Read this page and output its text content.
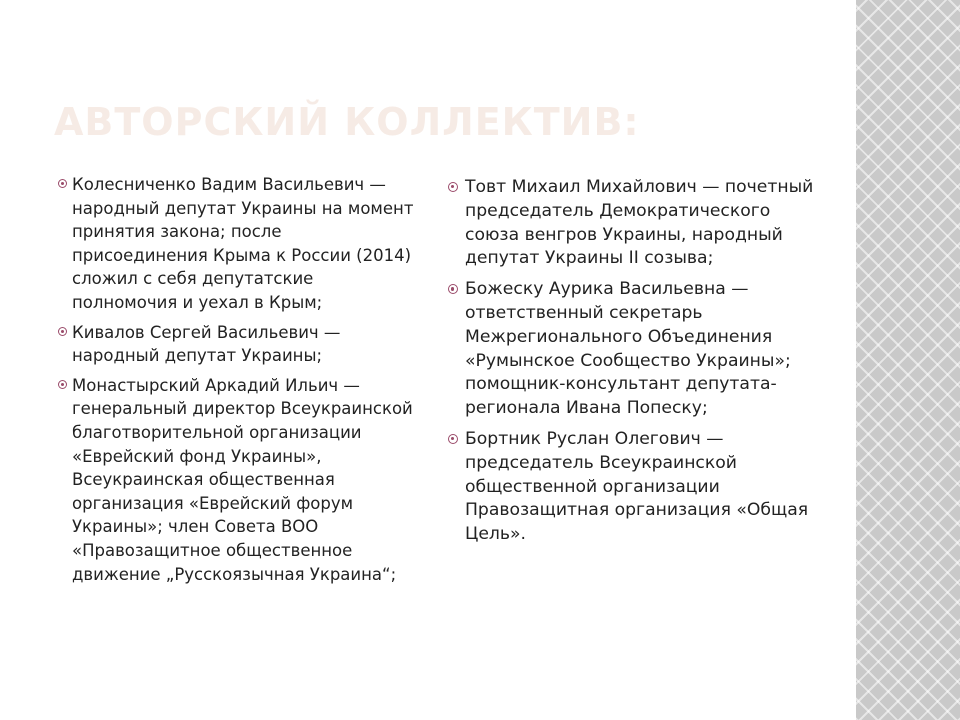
АВТОРСКИЙ КОЛЛЕКТИВ:
Колесниченко Вадим Васильевич — народный депутат Украины на момент принятия закона; после присоединения Крыма к России (2014) сложил с себя депутатские полномочия и уехал в Крым;
Кивалов Сергей Васильевич — народный депутат Украины;
Монастырский Аркадий Ильич — генеральный директор Всеукраинской благотворительной организации «Еврейский фонд Украины», Всеукраинская общественная организация «Еврейский форум Украины»; член Совета ВОО «Правозащитное общественное движение „Русскоязычная Украина“;
Товт Михаил Михайлович — почетный председатель Демократического союза венгров Украины, народный депутат Украины II созыва;
Божеску Аурика Васильевна — ответственный секретарь Межрегионального Объединения «Румынское Сообщество Украины»; помощник-консультант депутата-регионала Ивана Попеску;
Бортник Руслан Олегович — председатель Всеукраинской общественной организации Правозащитная организация «Общая Цель».
